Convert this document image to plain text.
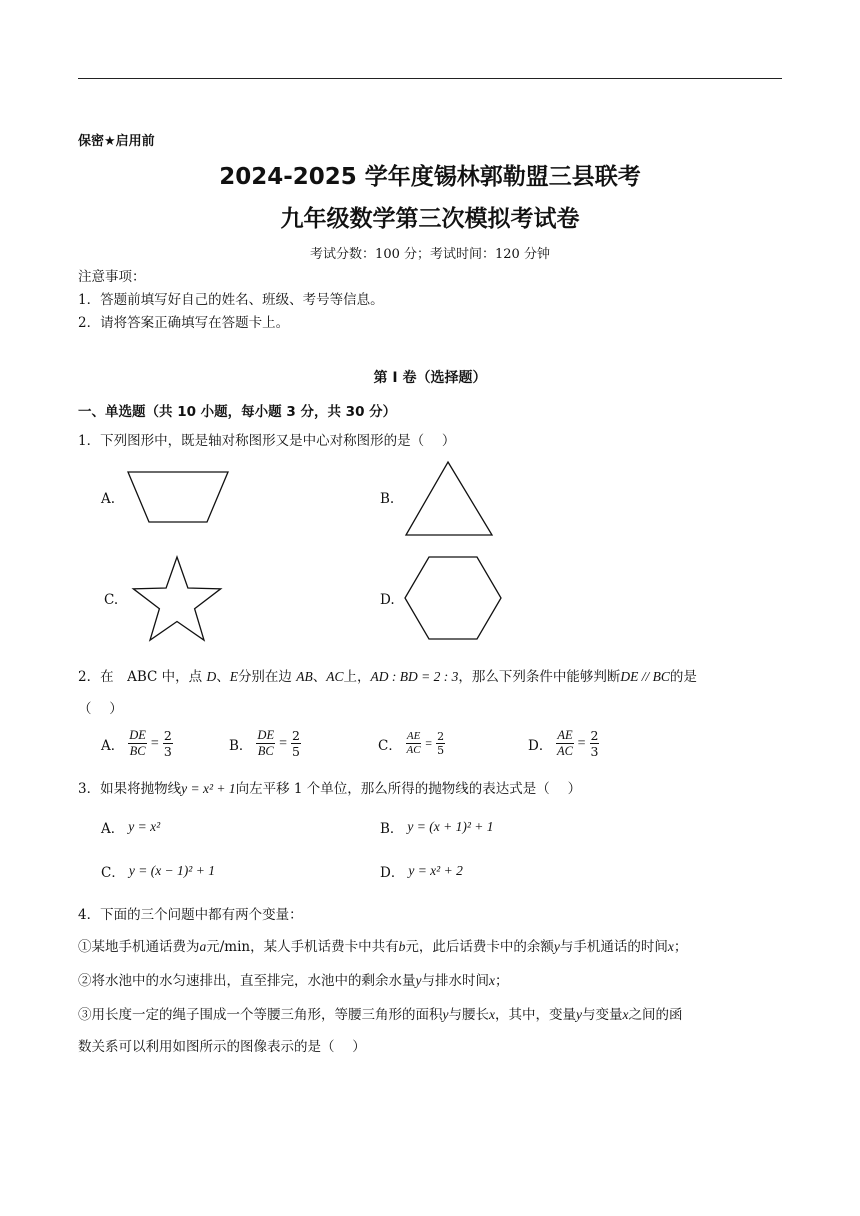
保密★启用前
2024-2025 学年度锡林郭勒盟三县联考
九年级数学第三次模拟考试卷
考试分数：100 分；考试时间：120 分钟
注意事项：
1．答题前填写好自己的姓名、班级、考号等信息。
2．请将答案正确填写在答题卡上。
第 I 卷（选择题）
一、单选题（共 10 小题，每小题 3 分，共 30 分）
1．下列图形中，既是轴对称图形又是中心对称图形的是（　 ）
A.	B.
C.	D.
2．在　ABC 中，点 D、E分别在边 AB、AC上，AD : BD = 2 : 3，那么下列条件中能够判断DE // BC的是
（　 ）
A． $\frac{DE}{BC} = \frac{2}{3}$	B． $\frac{DE}{BC} = \frac{2}{5}$	C． $\frac{AE}{AC} = \frac{2}{5}$	D． $\frac{AE}{AC} = \frac{2}{3}$
3．如果将抛物线y = x² + 1向左平移 1 个单位，那么所得的抛物线的表达式是（　 ）
A． y = x²	B． y = (x + 1)² + 1
C． y = (x − 1)² + 1	D． y = x² + 2
4．下面的三个问题中都有两个变量：
①某地手机通话费为a元/min，某人手机话费卡中共有b元，此后话费卡中的余额y与手机通话的时间x；
②将水池中的水匀速排出，直至排完，水池中的剩余水量y与排水时间x；
③用长度一定的绳子围成一个等腰三角形，等腰三角形的面积y与腰长x，其中，变量y与变量x之间的函
数关系可以利用如图所示的图像表示的是（　 ）
